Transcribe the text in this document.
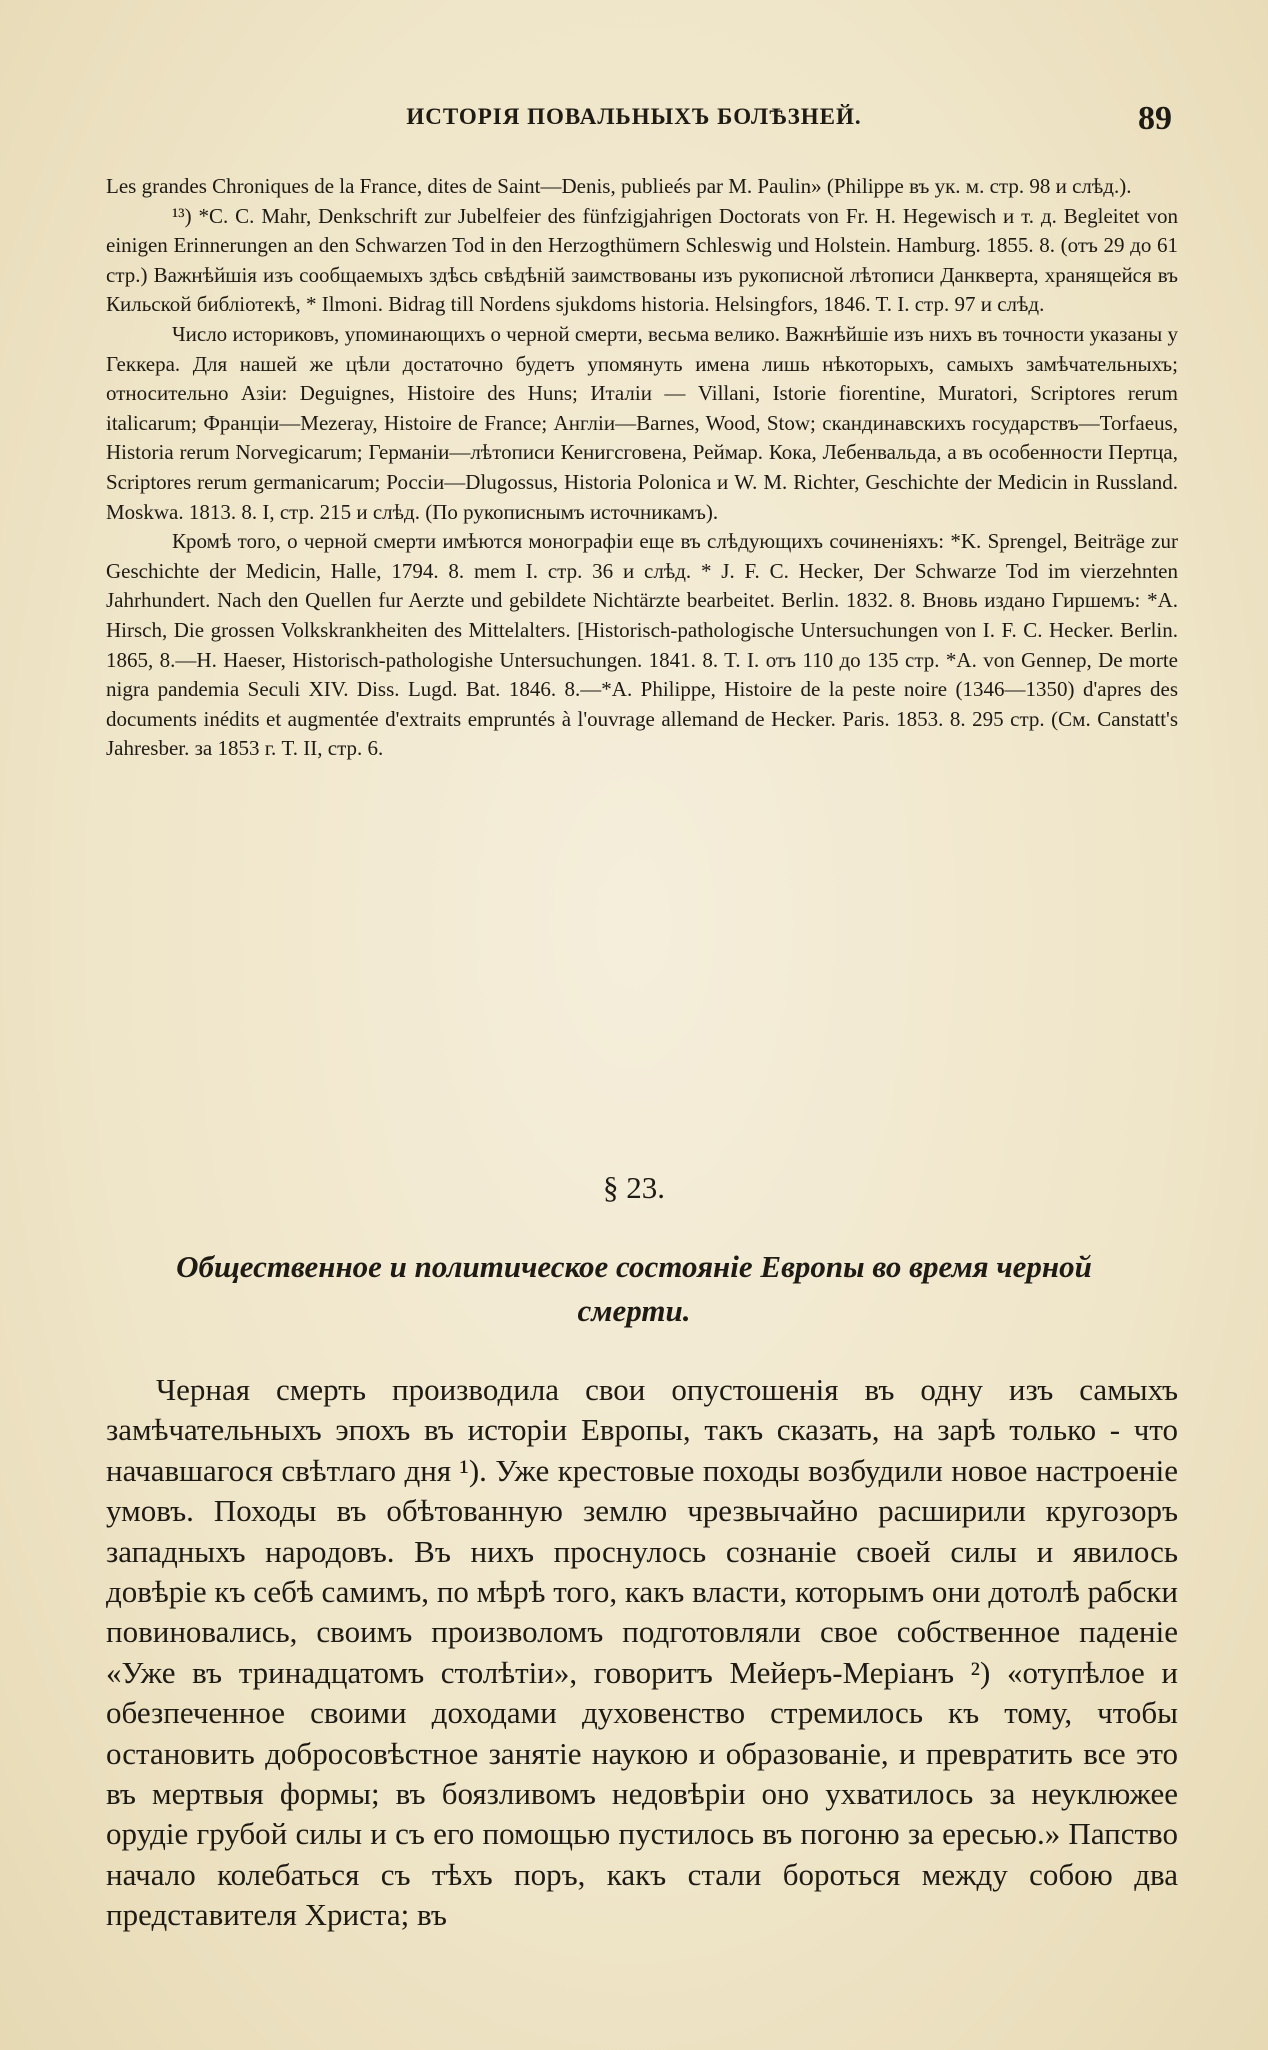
ИСТОРІЯ ПОВАЛЬНЫХЪ БОЛѢЗНЕЙ.	89

Les grandes Chroniques de la France, dites de Saint—Denis, publieés par M. Paulin» (Philippe въ ук. м. стр. 98 и слѣд.).

¹³) *C. C. Mahr, Denkschrift zur Jubelfeier des fünfzigjahrigen Doctorats von Fr. H. Hegewisch и т. д. Begleitet von einigen Erinnerungen an den Schwarzen Tod in den Herzogthümern Schleswig und Holstein. Hamburg. 1855. 8. (отъ 29 до 61 стр.) Важнѣйшія изъ сообщаемыхъ здѣсь свѣдѣній заимствованы изъ рукописной лѣтописи Данкверта, хранящейся въ Кильской библіотекѣ, * Ilmoni. Bidrag till Nordens sjukdoms historia. Helsingfors, 1846. T. I. стр. 97 и слѣд.

Число историковъ, упоминающихъ о черной смерти, весьма велико. Важнѣйшіе изъ нихъ въ точности указаны у Геккера. Для нашей же цѣли достаточно будетъ упомянуть имена лишь нѣкоторыхъ, самыхъ замѣчательныхъ; относительно Азіи: Deguignes, Histoire des Huns; Италіи — Villani, Istorie fiorentine, Muratori, Scriptores rerum italicarum; Франціи—Mezeray, Histoire de France; Англіи—Barnes, Wood, Stow; скандинавскихъ государствъ—Torfaeus, Historia rerum Norvegicarum; Германіи—лѣтописи Кенигсговена, Реймар. Кока, Лебенвальда, а въ особенности Пертца, Scriptores rerum germanicarum; Россіи—Dlugossus, Historia Polonica и W. M. Richter, Geschichte der Medicin in Russland. Moskwa. 1813. 8. I, стр. 215 и слѣд. (По рукописнымъ источникамъ).

Кромѣ того, о черной смерти имѣются монографіи еще въ слѣдующихъ сочиненіяхъ: *K. Sprengel, Beiträge zur Geschichte der Medicin, Halle, 1794. 8. mem I. стр. 36 и слѣд. * J. F. C. Hecker, Der Schwarze Tod im vierzehnten Jahrhundert. Nach den Quellen fur Aerzte und gebildete Nichtärzte bearbeitet. Berlin. 1832. 8. Вновь издано Гиршемъ: *A. Hirsch, Die grossen Volkskrankheiten des Mittelalters. [Historisch-pathologische Untersuchungen von I. F. C. Hecker. Berlin. 1865, 8.—H. Haeser, Historisch-pathologishe Untersuchungen. 1841. 8. T. I. отъ 110 до 135 стр. *A. von Gennep, De morte nigra pandemia Seculi XIV. Diss. Lugd. Bat. 1846. 8.—*A. Philippe, Histoire de la peste noire (1346—1350) d'apres des documents inédits et augmentée d'extraits empruntés à l'ouvrage allemand de Hecker. Paris. 1853. 8. 295 стр. (См. Canstatt's Jahresber. за 1853 г. T. II, стр. 6.

§ 23.
Общественное и политическое состояніе Европы во время черной смерти.

Черная смерть производила свои опустошенія въ одну изъ самыхъ замѣчательныхъ эпохъ въ исторіи Европы, такъ сказать, на зарѣ только - что начавшагося свѣтлаго дня ¹). Уже крестовые походы возбудили новое настроеніе умовъ. Походы въ обѣтованную землю чрезвычайно расширили кругозоръ западныхъ народовъ. Въ нихъ проснулось сознаніе своей силы и явилось довѣріе къ себѣ самимъ, по мѣрѣ того, какъ власти, которымъ они дотолѣ рабски повиновались, своимъ произволомъ подготовляли свое собственное паденіе «Уже въ тринадцатомъ столѣтіи», говоритъ Мейеръ-Меріанъ ²) «отупѣлое и обезпеченное своими доходами духовенство стремилось къ тому, чтобы остановить добросовѣстное занятіе наукою и образованіе, и превратить все это въ мертвыя формы; въ боязливомъ недовѣріи оно ухватилось за неуклюжее орудіе грубой силы и съ его помощью пустилось въ погоню за ересью.» Папство начало колебаться съ тѣхъ поръ, какъ стали бороться между собою два представителя Христа; въ
